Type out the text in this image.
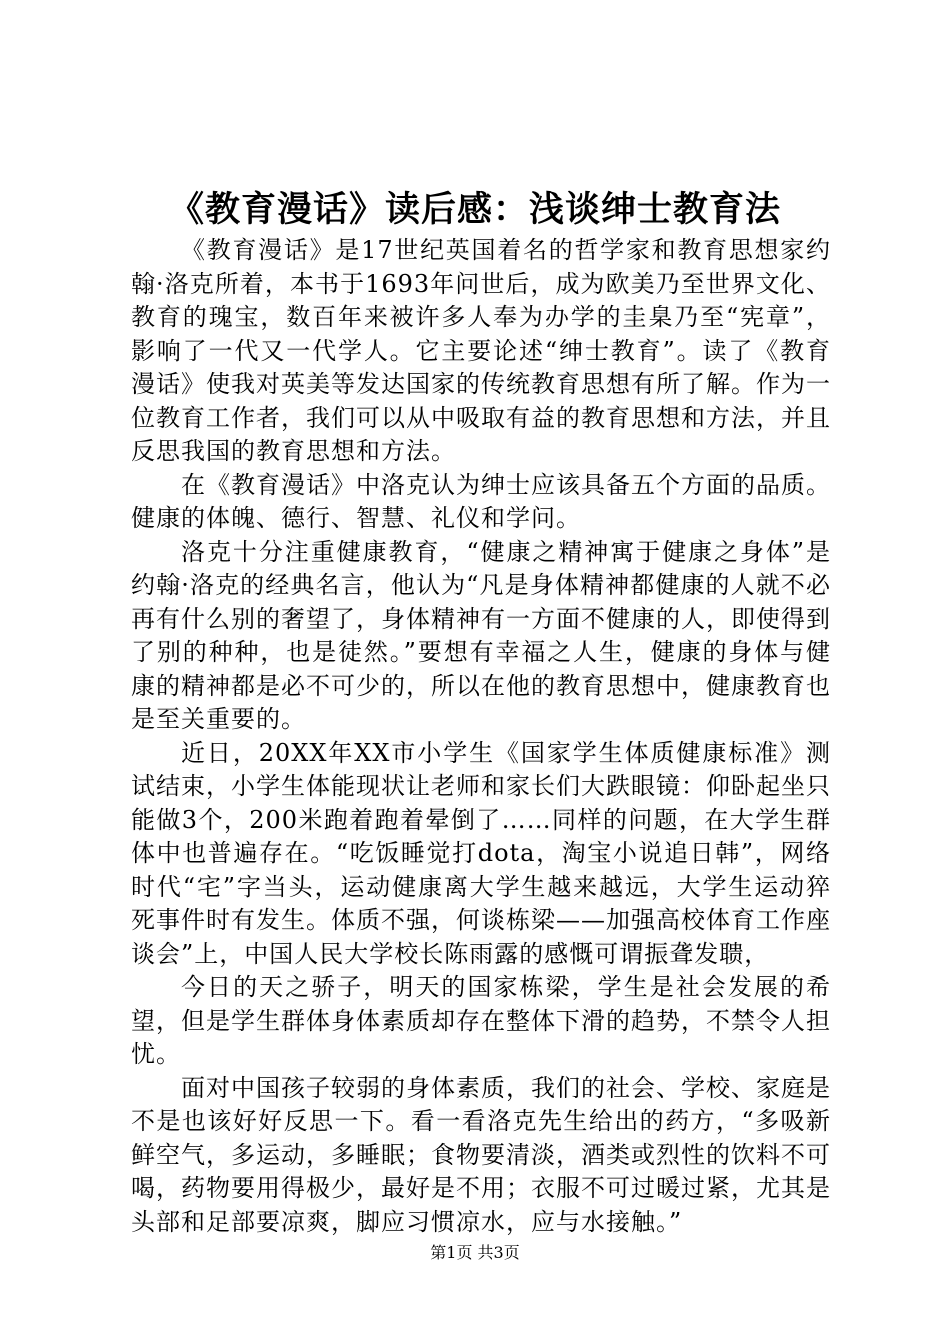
《教育漫话》读后感：浅谈绅士教育法

《教育漫话》是17世纪英国着名的哲学家和教育思想家约翰·洛克所着，本书于1693年问世后，成为欧美乃至世界文化、教育的瑰宝，数百年来被许多人奉为办学的圭臬乃至“宪章”，影响了一代又一代学人。它主要论述“绅士教育”。读了《教育漫话》使我对英美等发达国家的传统教育思想有所了解。作为一位教育工作者，我们可以从中吸取有益的教育思想和方法，并且反思我国的教育思想和方法。

在《教育漫话》中洛克认为绅士应该具备五个方面的品质。健康的体魄、德行、智慧、礼仪和学问。

洛克十分注重健康教育，“健康之精神寓于健康之身体”是约翰·洛克的经典名言，他认为“凡是身体精神都健康的人就不必再有什么别的奢望了，身体精神有一方面不健康的人，即使得到了别的种种，也是徒然。”要想有幸福之人生，健康的身体与健康的精神都是必不可少的，所以在他的教育思想中，健康教育也是至关重要的。

近日，20XX年XX市小学生《国家学生体质健康标准》测试结束，小学生体能现状让老师和家长们大跌眼镜：仰卧起坐只能做3个，200米跑着跑着晕倒了……同样的问题，在大学生群体中也普遍存在。“吃饭睡觉打dota，淘宝小说追日韩”，网络时代“宅”字当头，运动健康离大学生越来越远，大学生运动猝死事件时有发生。体质不强，何谈栋梁——加强高校体育工作座谈会”上，中国人民大学校长陈雨露的感慨可谓振聋发聩，

今日的天之骄子，明天的国家栋梁，学生是社会发展的希望，但是学生群体身体素质却存在整体下滑的趋势，不禁令人担忧。

面对中国孩子较弱的身体素质，我们的社会、学校、家庭是不是也该好好反思一下。看一看洛克先生给出的药方，“多吸新鲜空气，多运动，多睡眠；食物要清淡，酒类或烈性的饮料不可喝，药物要用得极少，最好是不用；衣服不可过暖过紧，尤其是头部和足部要凉爽，脚应习惯凉水，应与水接触。”

第1页 共3页
